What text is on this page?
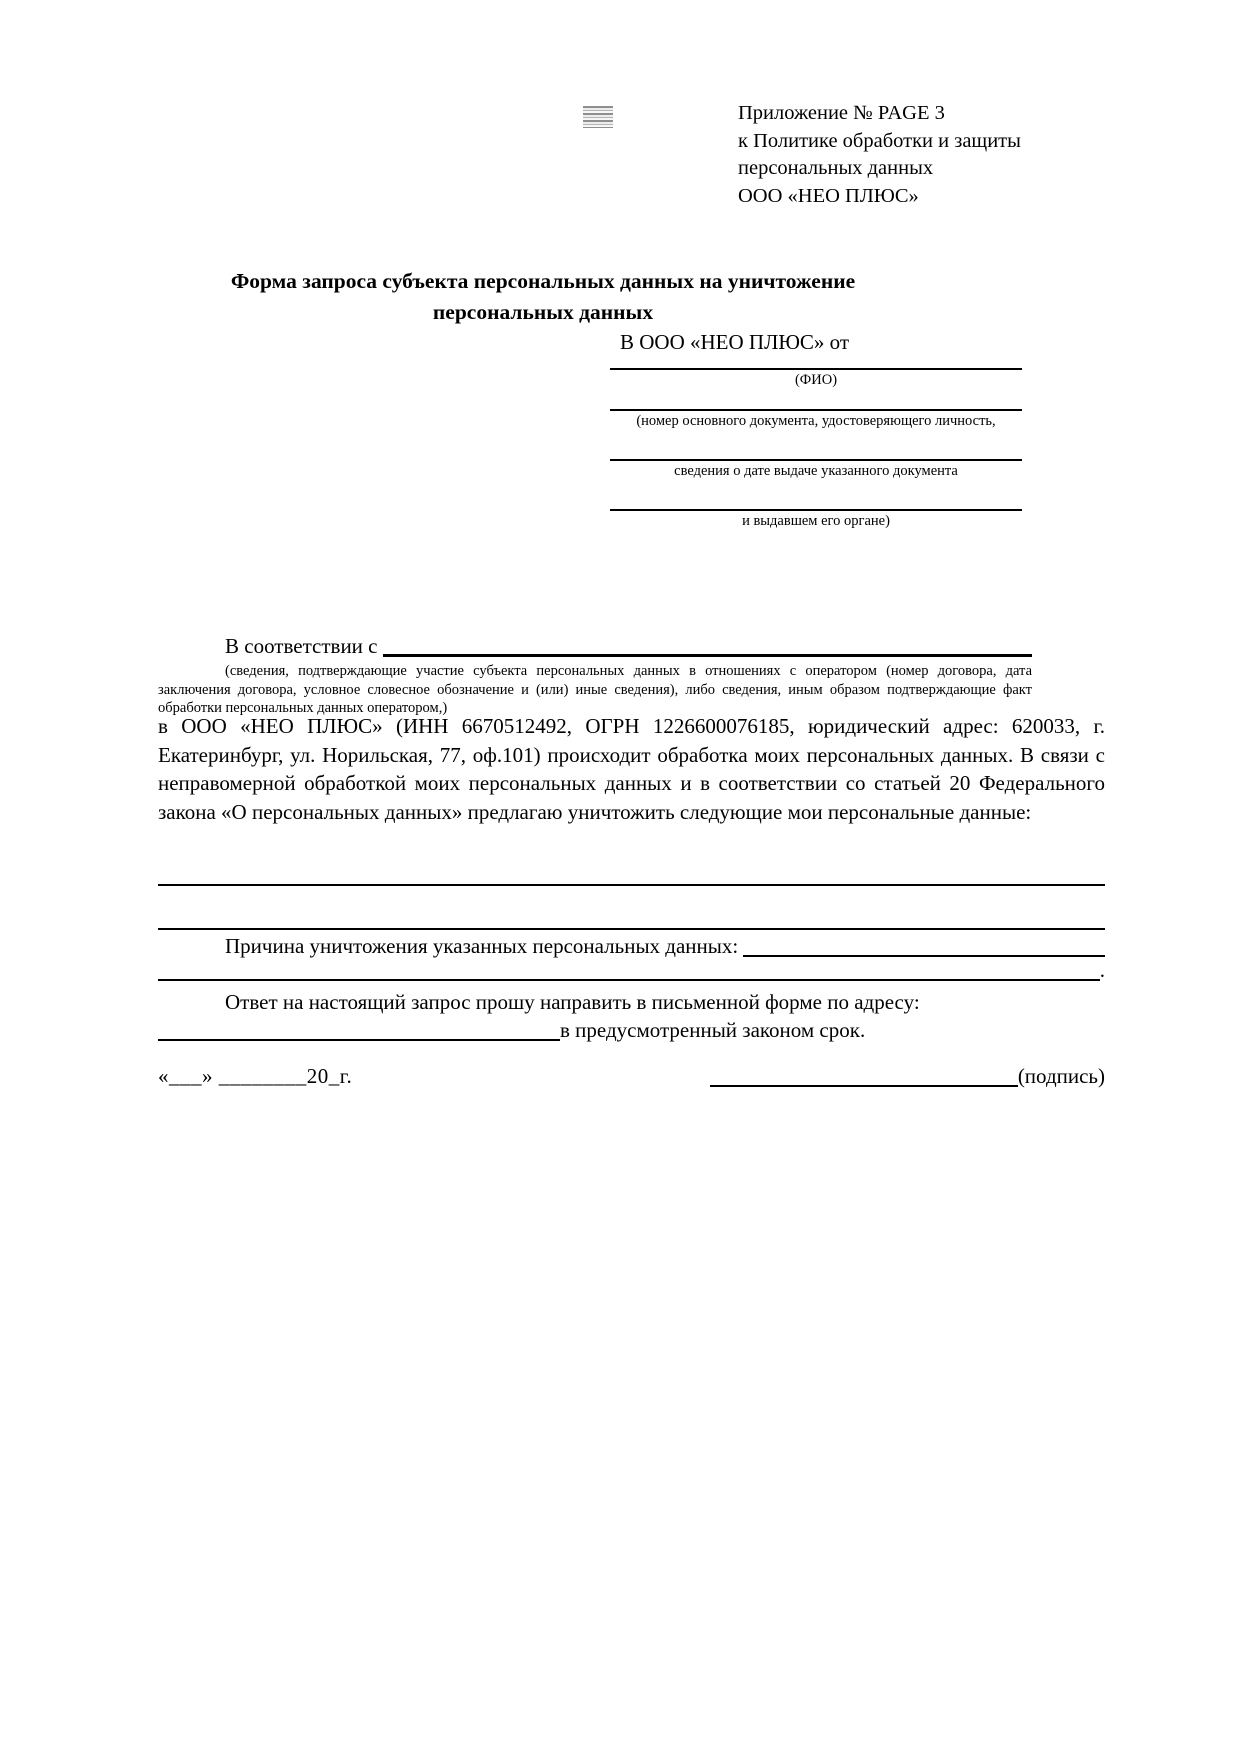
Приложение № PAGE 3
к Политике обработки и защиты
персональных данных
ООО «НЕО ПЛЮС»
Форма запроса субъекта персональных данных на уничтожение
персональных данных
В ООО «НЕО ПЛЮС» от
(ФИО)
(номер основного документа, удостоверяющего личность,
сведения о дате выдаче указанного документа
и выдавшем его органе)
В соответствии с
(сведения, подтверждающие участие субъекта персональных данных в отношениях с оператором (номер договора, дата заключения договора, условное словесное обозначение и (или) иные сведения), либо сведения, иным образом подтверждающие факт обработки персональных данных оператором,)
в ООО «НЕО ПЛЮС» (ИНН 6670512492, ОГРН 1226600076185, юридический адрес: 620033, г. Екатеринбург, ул. Норильская, 77, оф.101) происходит обработка моих персональных данных. В связи с неправомерной обработкой моих персональных данных и в соответствии со статьей 20 Федерального закона «О персональных данных» предлагаю уничтожить следующие мои персональные данные:
Причина уничтожения указанных персональных данных:
.
Ответ на настоящий запрос прошу направить в письменной форме по адресу:
в предусмотренный законом срок.
«___» ________20_г.	(подпись)
